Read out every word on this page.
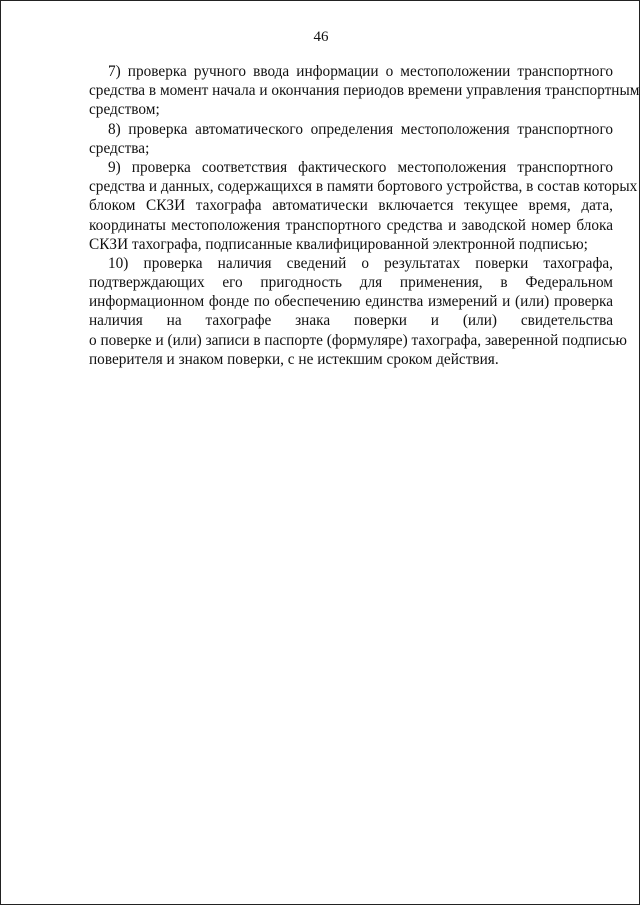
46
7) проверка ручного ввода информации о местоположении транспортного
средства в момент начала и окончания периодов времени управления транспортным
средством;
8) проверка автоматического определения местоположения транспортного
средства;
9) проверка соответствия фактического местоположения транспортного
средства и данных, содержащихся в памяти бортового устройства, в состав которых
блоком СКЗИ тахографа автоматически включается текущее время, дата,
координаты местоположения транспортного средства и заводской номер блока
СКЗИ тахографа, подписанные квалифицированной электронной подписью;
10) проверка наличия сведений о результатах поверки тахографа,
подтверждающих его пригодность для применения, в Федеральном
информационном фонде по обеспечению единства измерений и (или) проверка
наличия на тахографе знака поверки и (или) свидетельства
о поверке и (или) записи в паспорте (формуляре) тахографа, заверенной подписью
поверителя и знаком поверки, с не истекшим сроком действия.
